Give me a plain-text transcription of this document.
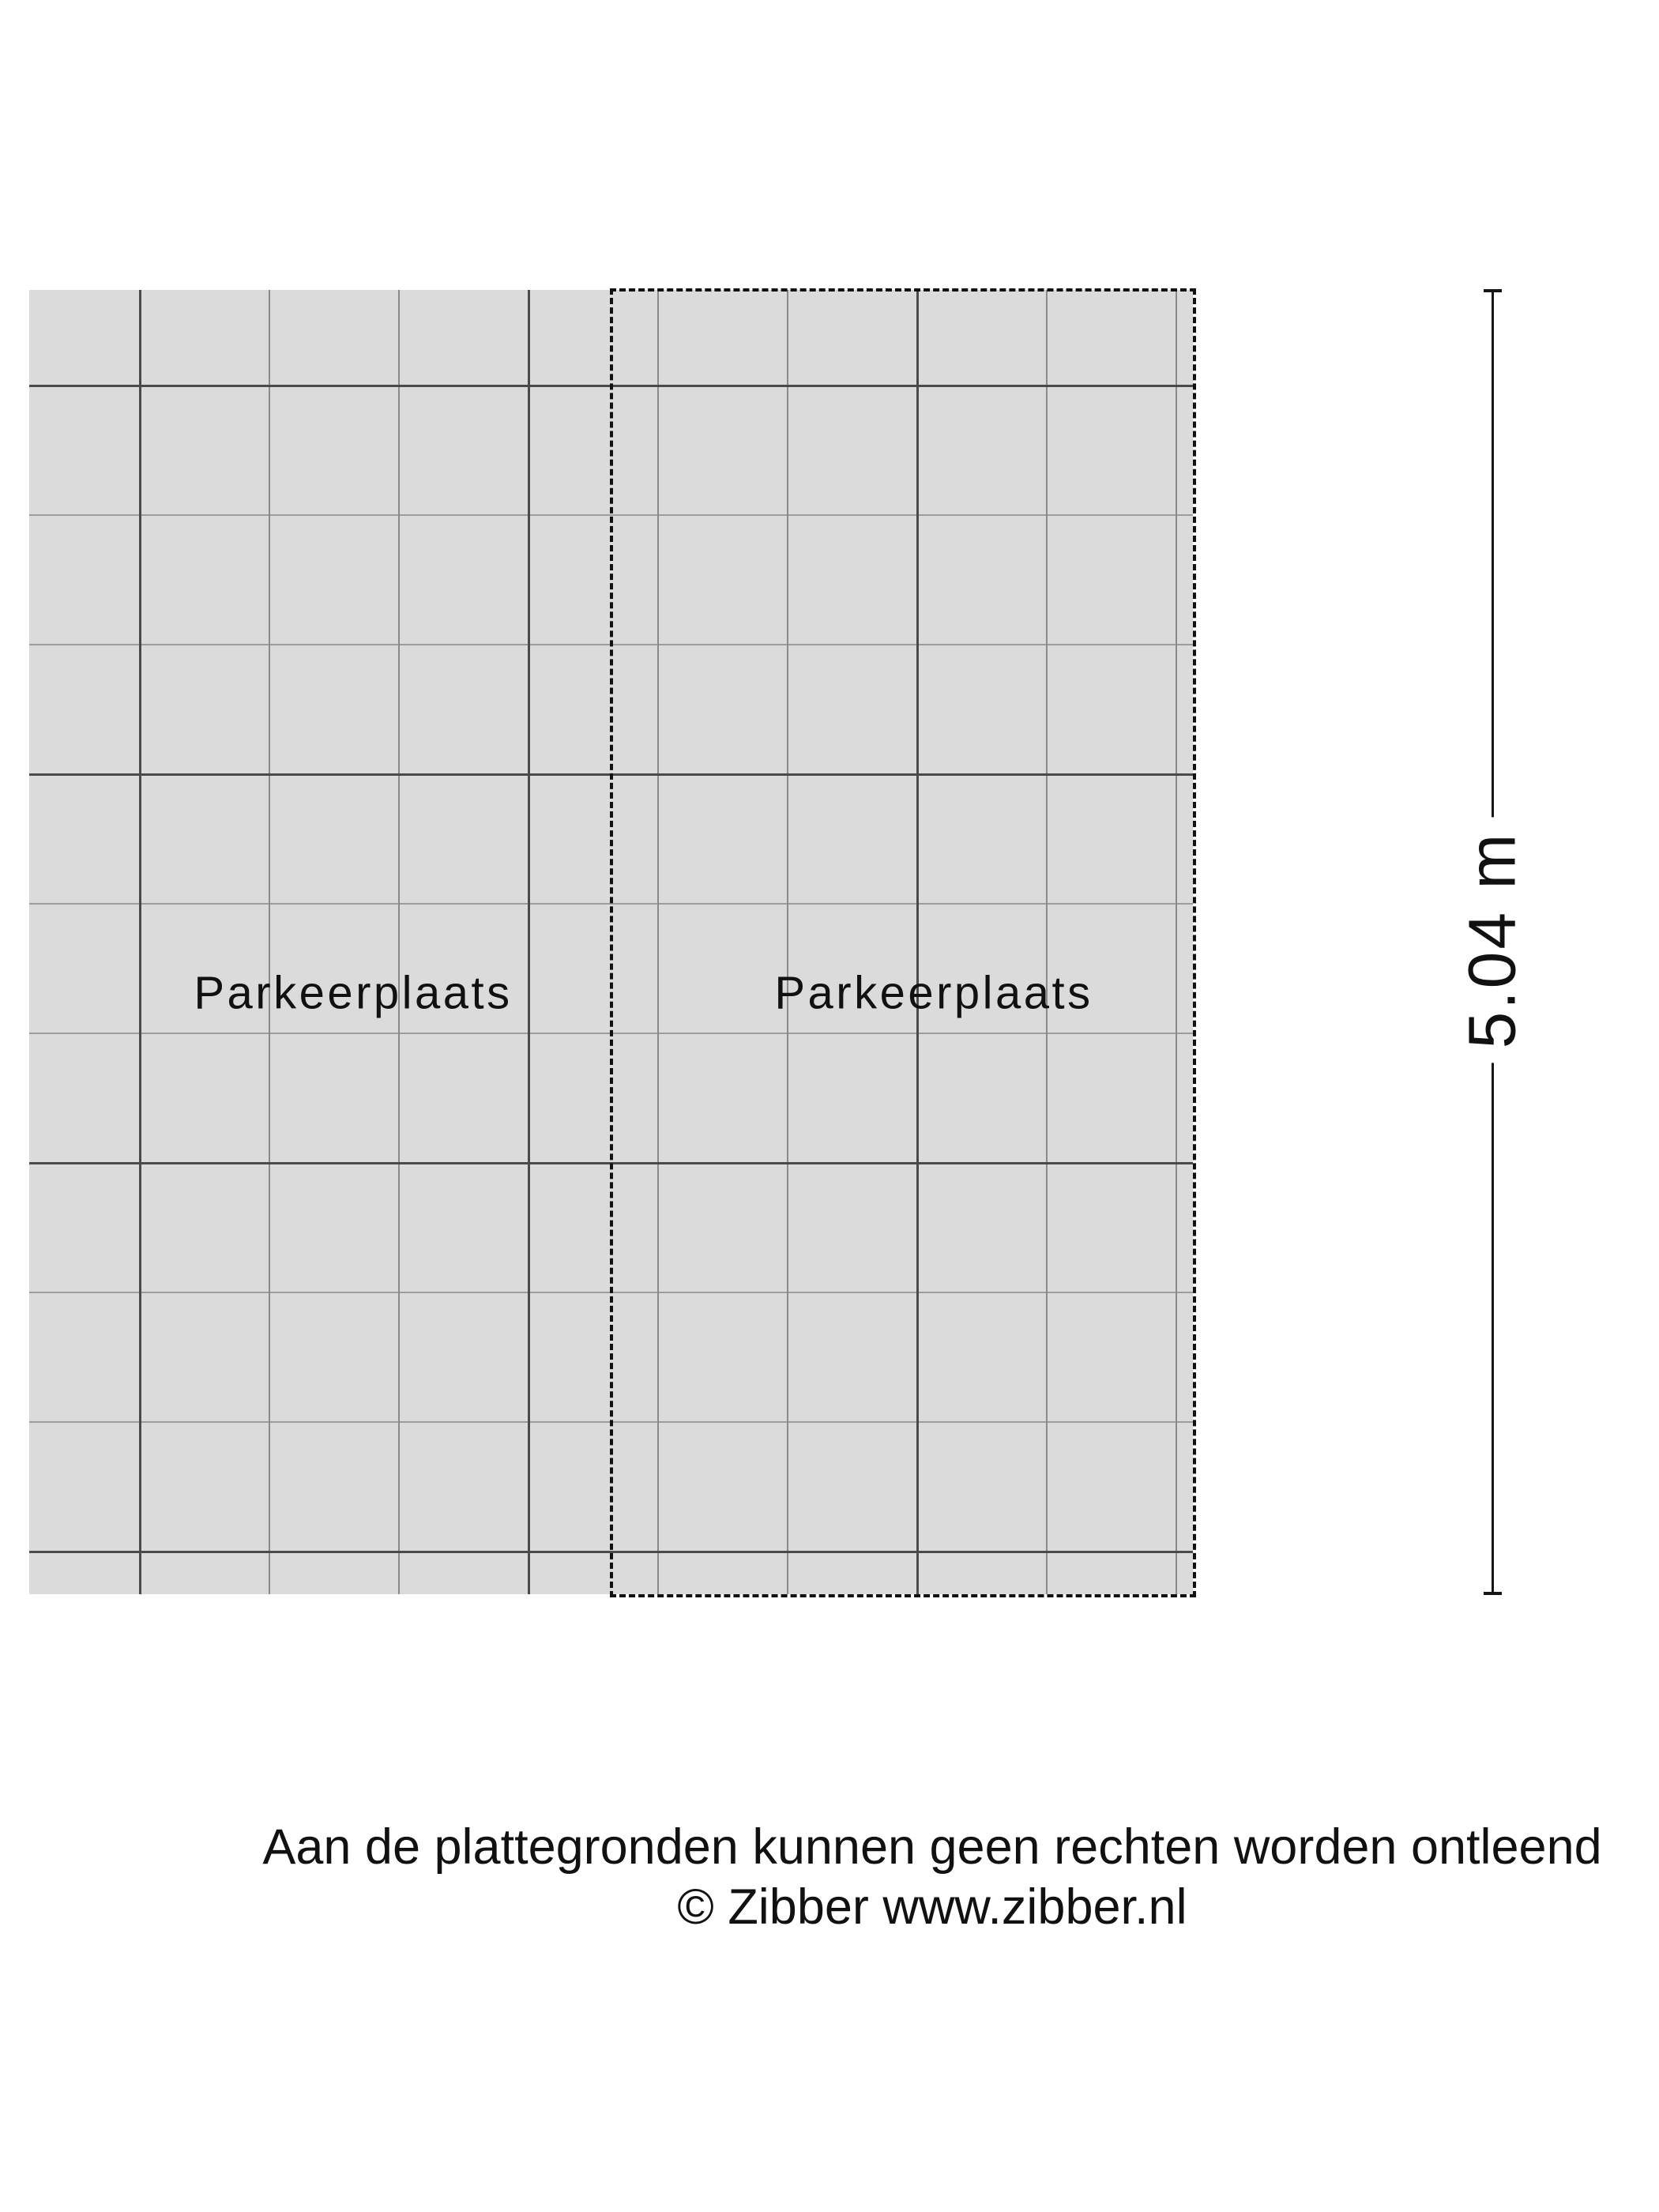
Parkeerplaats	Parkeerplaats	5.04 m
Aan de plattegronden kunnen geen rechten worden ontleend
© Zibber www.zibber.nl
